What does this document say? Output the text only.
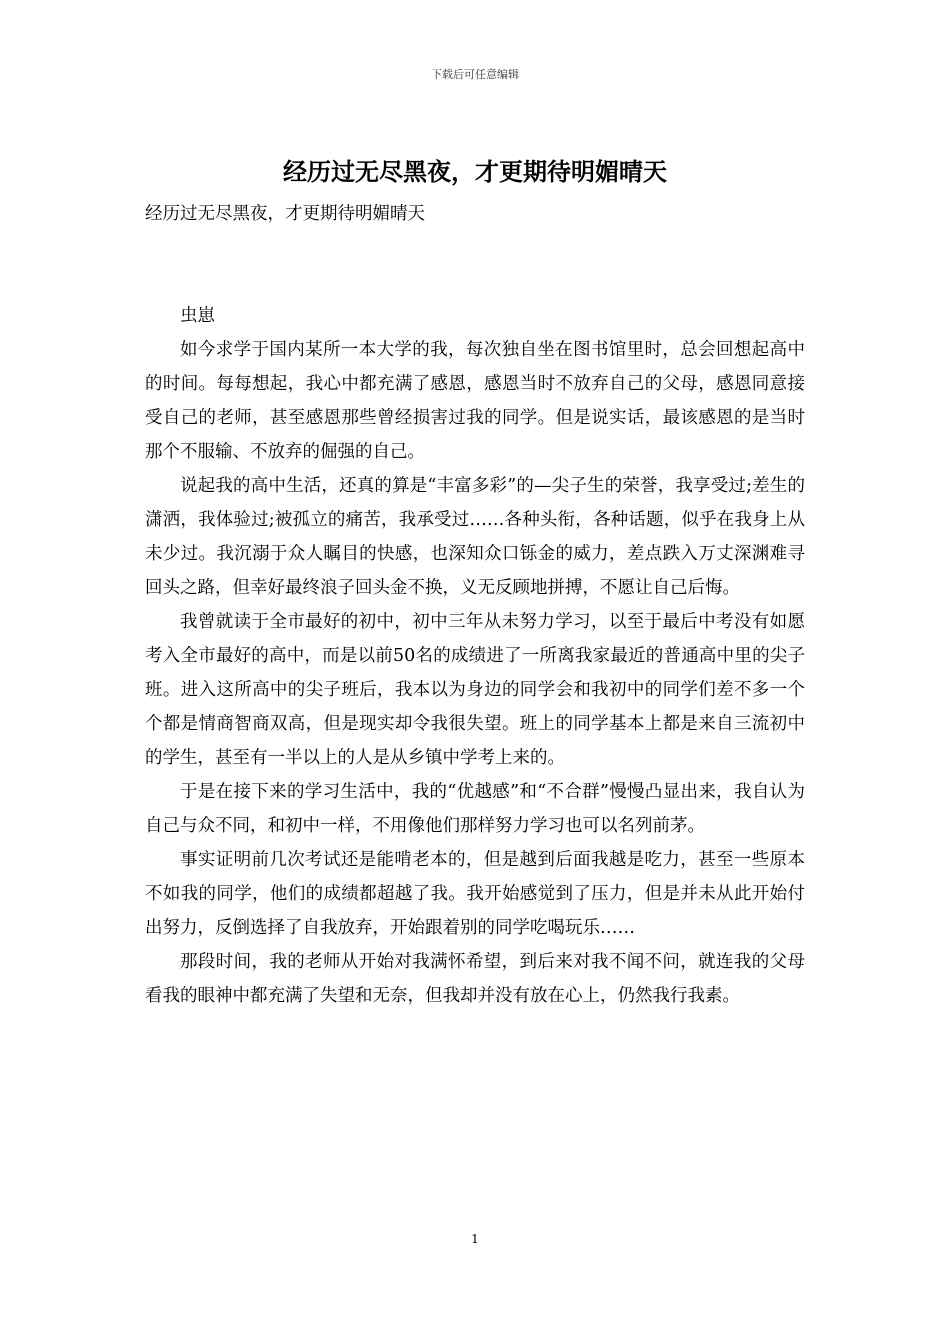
下载后可任意编辑
经历过无尽黑夜，才更期待明媚晴天

经历过无尽黑夜，才更期待明媚晴天

虫崽

如今求学于国内某所一本大学的我，每次独自坐在图书馆里时，总会回想起高中的时间。每每想起，我心中都充满了感恩，感恩当时不放弃自己的父母，感恩同意接受自己的老师，甚至感恩那些曾经损害过我的同学。但是说实话，最该感恩的是当时那个不服输、不放弃的倔强的自己。

说起我的高中生活，还真的算是“丰富多彩”的—尖子生的荣誉，我享受过;差生的潇洒，我体验过;被孤立的痛苦，我承受过……各种头衔，各种话题，似乎在我身上从未少过。我沉溺于众人瞩目的快感，也深知众口铄金的威力，差点跌入万丈深渊难寻回头之路，但幸好最终浪子回头金不换，义无反顾地拼搏，不愿让自己后悔。

我曾就读于全市最好的初中，初中三年从未努力学习，以至于最后中考没有如愿考入全市最好的高中，而是以前50名的成绩进了一所离我家最近的普通高中里的尖子班。进入这所高中的尖子班后，我本以为身边的同学会和我初中的同学们差不多一个个都是情商智商双高，但是现实却令我很失望。班上的同学基本上都是来自三流初中的学生，甚至有一半以上的人是从乡镇中学考上来的。

于是在接下来的学习生活中，我的“优越感”和“不合群”慢慢凸显出来，我自认为自己与众不同，和初中一样，不用像他们那样努力学习也可以名列前茅。

事实证明前几次考试还是能啃老本的，但是越到后面我越是吃力，甚至一些原本不如我的同学，他们的成绩都超越了我。我开始感觉到了压力，但是并未从此开始付出努力，反倒选择了自我放弃，开始跟着别的同学吃喝玩乐……

那段时间，我的老师从开始对我满怀希望，到后来对我不闻不问，就连我的父母看我的眼神中都充满了失望和无奈，但我却并没有放在心上，仍然我行我素。

1
